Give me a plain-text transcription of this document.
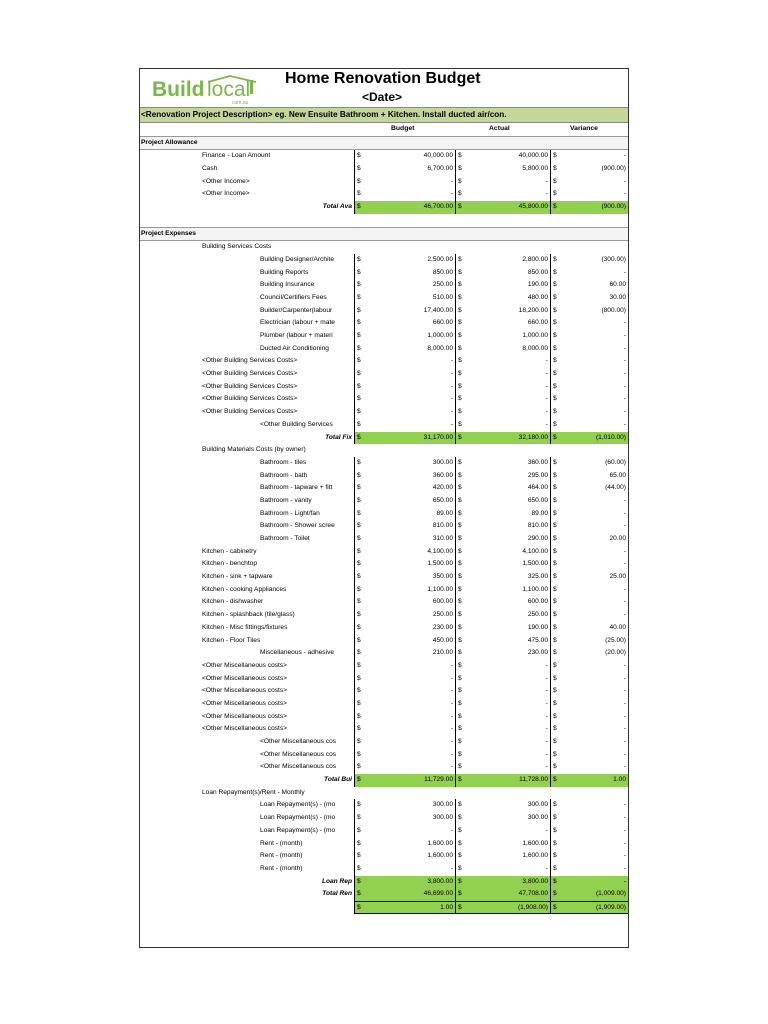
Build local
com.au
Home Renovation Budget
<Date>
<Renovation Project Description> eg. New Ensuite Bathroom + Kitchen. Install ducted air/con.
Budget	Actual	Variance
Project Allowance
Finance - Loan Amount	$	40,000.00 $	40,000.00 $	-
Cash	$	6,700.00 $	5,800.00 $	(900.00)
<Other Income>	$	- $	- $	-
<Other Income>	$	- $	- $	-
Total Ava $	46,700.00 $	45,800.00 $	(900.00)
Project Expenses
Building Services Costs
Building Designer/Archite	$	2,500.00 $	2,800.00 $	(300.00)
Building Reports	$	850.00 $	850.00 $	-
Building Insurance	$	250.00 $	190.00 $	60.00
Council/Certifiers Fees	$	510.00 $	480.00 $	30.00
Builder/Carpenter(labour	$	17,400.00 $	18,200.00 $	(800.00)
Electrician (labour + mate	$	660.00 $	660.00 $	-
Plumber (labour + materi	$	1,000.00 $	1,000.00 $	-
Ducted Air Conditioning	$	8,000.00 $	8,000.00 $	-
<Other Building Services Costs>	$	- $	- $	-
<Other Building Services Costs>	$	- $	- $	-
<Other Building Services Costs>	$	- $	- $	-
<Other Building Services Costs>	$	- $	- $	-
<Other Building Services Costs>	$	- $	- $	-
<Other Building Services	$	- $	- $	-
Total Fix $	31,170.00 $	32,180.00 $	(1,010.00)
Building Materials Costs (by owner)
Bathroom - tiles	$	300.00 $	360.00 $	(60.00)
Bathroom - bath	$	360.00 $	295.00 $	65.00
Bathroom - tapware + fitt	$	420.00 $	464.00 $	(44.00)
Bathroom - vanity	$	650.00 $	650.00 $	-
Bathroom - Light/fan	$	89.00 $	89.00 $	-
Bathroom - Shower scree	$	810.00 $	810.00 $	-
Bathroom - Toilet	$	310.00 $	290.00 $	20.00
Kitchen - cabinetry	$	4,100.00 $	4,100.00 $	-
Kitchen - benchtop	$	1,500.00 $	1,500.00 $	-
Kitchen - sink + tapware	$	350.00 $	325.00 $	25.00
Kitchen - cooking Appliances	$	1,100.00 $	1,100.00 $	-
Kitchen - dishwasher	$	600.00 $	600.00 $	-
Kitchen - splashback (tile/glass)	$	250.00 $	250.00 $	-
Kitchen - Misc fittings/fixtures	$	230.00 $	190.00 $	40.00
Kitchen - Floor Tiles	$	450.00 $	475.00 $	(25.00)
Miscellaneous - adhesive	$	210.00 $	230.00 $	(20.00)
<Other Miscellaneous costs>	$	- $	- $	-
<Other Miscellaneous costs>	$	- $	- $	-
<Other Miscellaneous costs>	$	- $	- $	-
<Other Miscellaneous costs>	$	- $	- $	-
<Other Miscellaneous costs>	$	- $	- $	-
<Other Miscellaneous costs>	$	- $	- $	-
<Other Miscellaneous cos	$	- $	- $	-
<Other Miscellaneous cos	$	- $	- $	-
<Other Miscellaneous cos	$	- $	- $	-
Total Bui $	11,729.00 $	11,728.00 $	1.00
Loan Repayment(s)/Rent - Monthly
Loan Repayment(s) - (mo	$	300.00 $	300.00 $	-
Loan Repayment(s) - (mo	$	300.00 $	300.00 $	-
Loan Repayment(s) - (mo	$	- $	- $	-
Rent - (month)	$	1,600.00 $	1,600.00 $	-
Rent - (month)	$	1,600.00 $	1,600.00 $	-
Rent - (month)	$	- $	- $	-
Loan Rep $	3,800.00 $	3,800.00 $	-
Total Ren $	46,699.00 $	47,708.00 $	(1,009.00)
$	1.00 $	(1,908.00) $	(1,909.00)
